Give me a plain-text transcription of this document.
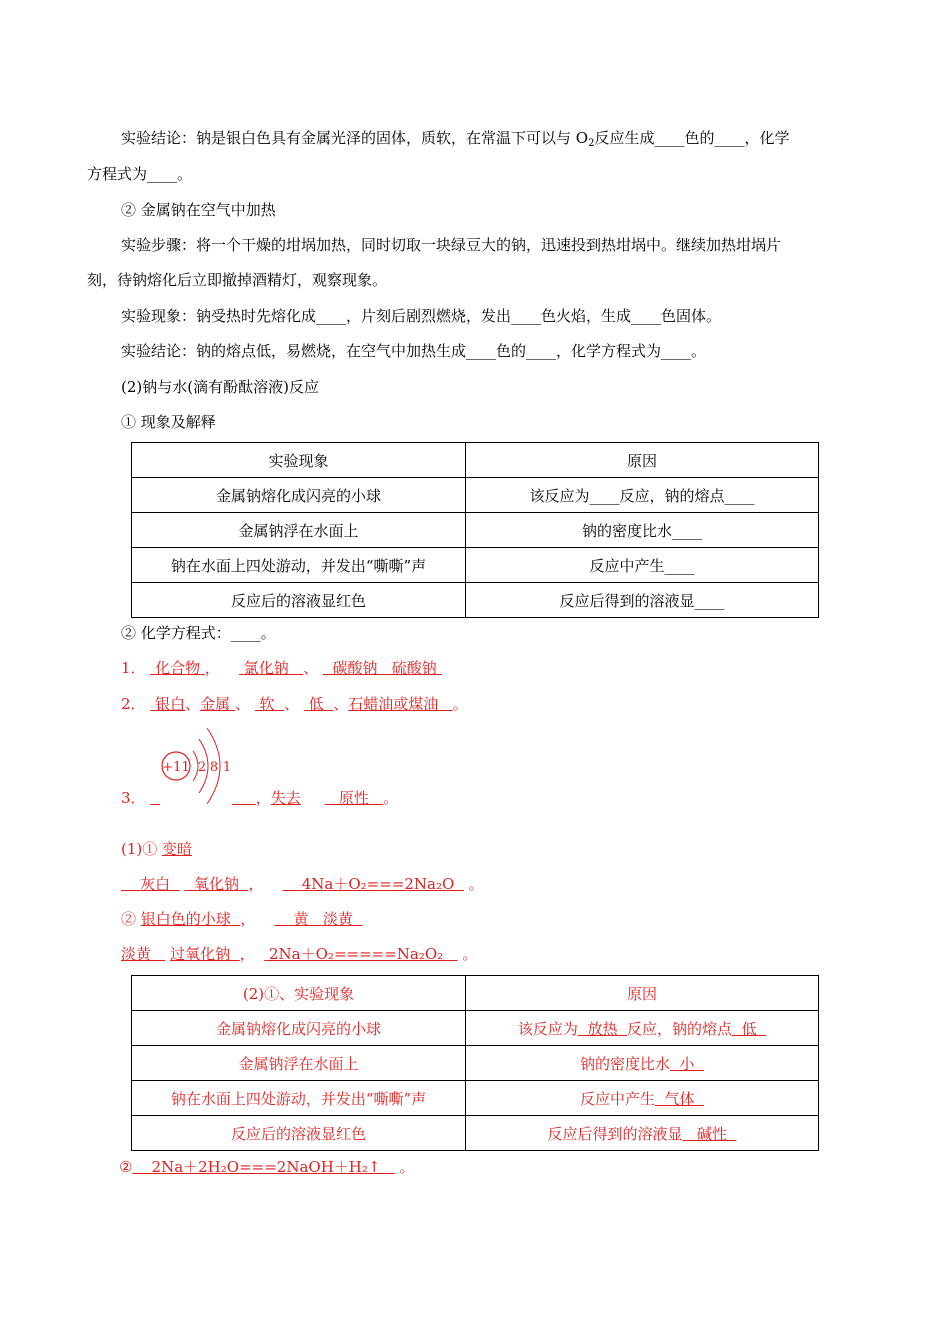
实验结论：钠是银白色具有金属光泽的固体，质软，在常温下可以与 $O_2$反应生成____色的____，化学
方程式为____。
② 金属钠在空气中加热
实验步骤：将一个干燥的坩埚加热，同时切取一块绿豆大的钠，迅速投到热坩埚中。继续加热坩埚片
刻，待钠熔化后立即撤掉酒精灯，观察现象。
实验现象：钠受热时先熔化成____，片刻后剧烈燃烧，发出____色火焰，生成____色固体。
实验结论：钠的熔点低，易燃烧，在空气中加热生成____色的____，化学方程式为____。
(2)钠与水(滴有酚酞溶液)反应
① 现象及解释
实验现象	原因
金属钠熔化成闪亮的小球	该反应为____反应，钠的熔点____
金属钠浮在水面上	钠的密度比水____
钠在水面上四处游动，并发出“嘶嘶”声	反应中产生____
反应后的溶液显红色	反应后得到的溶液显____
② 化学方程式：____。
1． 化合物 ， 氯化钠 、 碳酸钠 硫酸钠
2． 银白、金属 、 软 、 低 、石蜡油或煤油 。
+11 2 8 1
3．	，失去	原性 。
(1)① 变暗
灰白 氧化钠 ，	4Na＋O₂===2Na₂O 。
② 银白色的小球 ，	黄 淡黄
淡黄 过氧化钠 ， 2Na＋O₂=====Na₂O₂ 。
(2)①、实验现象	原因
金属钠熔化成闪亮的小球	该反应为 放热 反应，钠的熔点 低
金属钠浮在水面上	钠的密度比水 小
钠在水面上四处游动，并发出“嘶嘶”声	反应中产生 气体
反应后的溶液显红色	反应后得到的溶液显 碱性
② 2Na＋2H₂O===2NaOH＋H₂↑ 。
